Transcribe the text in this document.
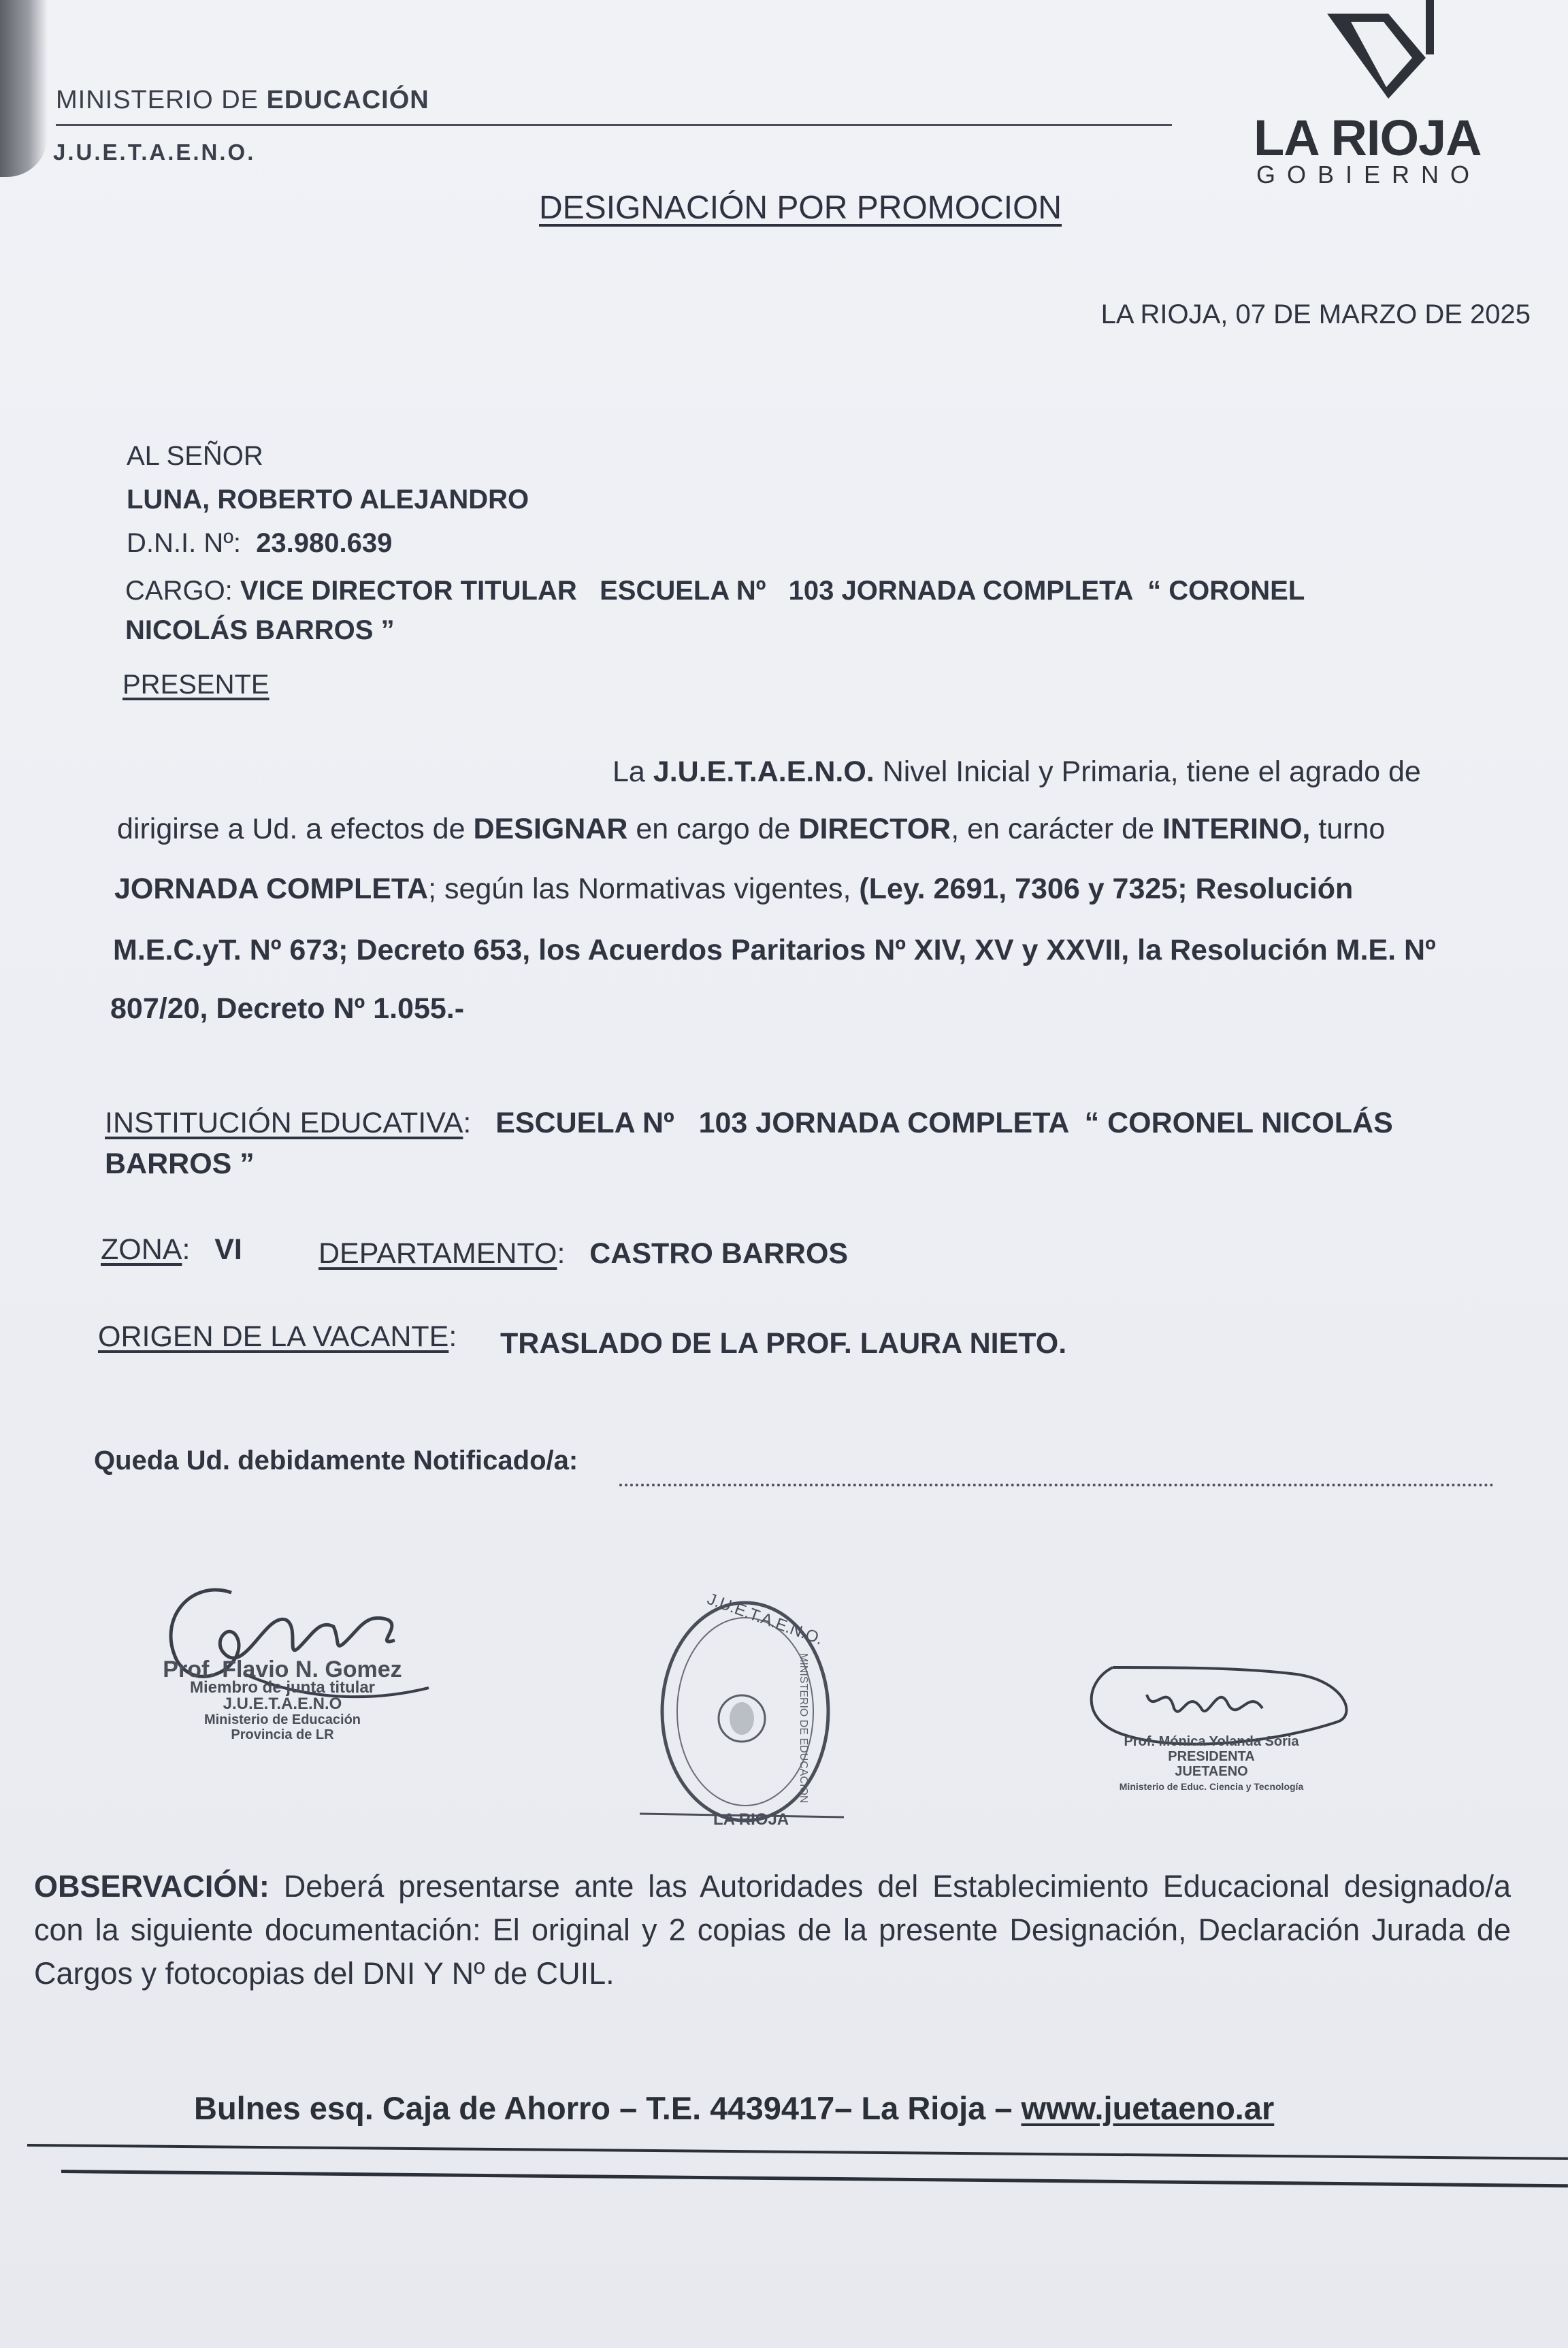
MINISTERIO DE EDUCACIÓN
J.U.E.T.A.E.N.O.	LA RIOJA
GOBIERNO
DESIGNACIÓN POR PROMOCION
LA RIOJA, 07 DE MARZO DE 2025
AL SEÑOR
LUNA, ROBERTO ALEJANDRO
D.N.I. Nº: 23.980.639
CARGO: VICE DIRECTOR TITULAR   ESCUELA Nº   103 JORNADA COMPLETA  “ CORONEL
NICOLÁS BARROS ”
PRESENTE
La J.U.E.T.A.E.N.O. Nivel Inicial y Primaria, tiene el agrado de
dirigirse a Ud. a efectos de DESIGNAR en cargo de DIRECTOR, en carácter de INTERINO, turno
JORNADA COMPLETA; según las Normativas vigentes, (Ley. 2691, 7306 y 7325; Resolución
M.E.C.yT. Nº 673; Decreto 653, los Acuerdos Paritarios Nº XIV, XV y XXVII, la Resolución M.E. Nº
807/20, Decreto Nº 1.055.-
INSTITUCIÓN EDUCATIVA:   ESCUELA Nº   103 JORNADA COMPLETA  “ CORONEL NICOLÁS
BARROS ”
ZONA:   VI	DEPARTAMENTO:   CASTRO BARROS
ORIGEN DE LA VACANTE: TRASLADO DE LA PROF. LAURA NIETO.
Queda Ud. debidamente Notificado/a:
Prof. Flavio N. Gomez
Miembro de junta titular
J.U.E.T.A.E.N.O
Ministerio de Educación
Provincia de LR
J.U.E.T.A.E.N.O.
MINISTERIO DE EDUCACION
LA RIOJA
Prof. Mónica Yolanda Soria
PRESIDENTA
JUETAENO
Ministerio de Educ. Ciencia y Tecnología
OBSERVACIÓN: Deberá presentarse ante las Autoridades del Establecimiento Educacional designado/a con la siguiente documentación: El original y 2 copias de la presente Designación, Declaración Jurada de Cargos y fotocopias del DNI Y Nº de CUIL.
Bulnes esq. Caja de Ahorro – T.E. 4439417– La Rioja – www.juetaeno.ar
